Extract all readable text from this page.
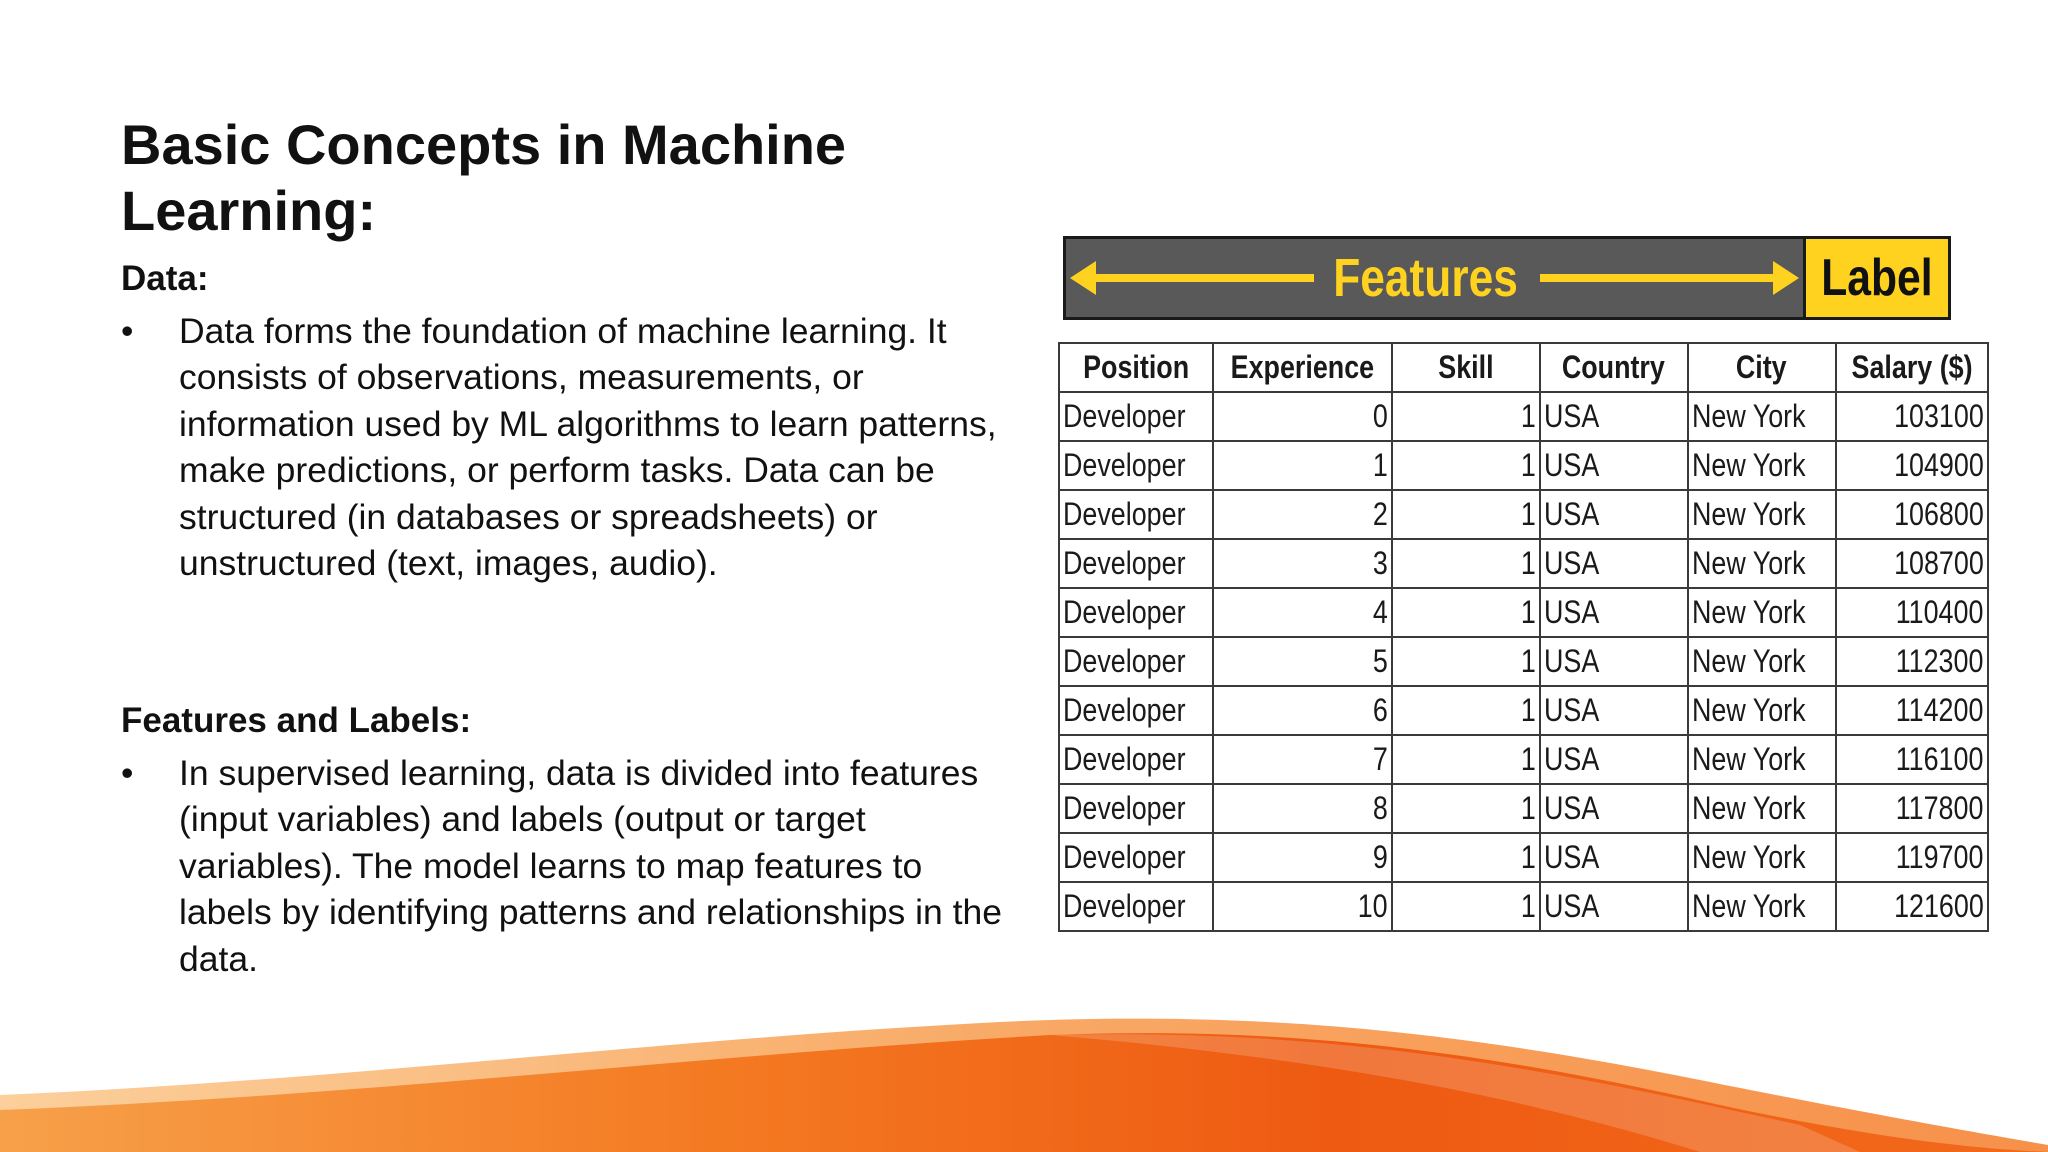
Basic Concepts in Machine Learning:
Data:
• Data forms the foundation of machine learning. It consists of observations, measurements, or information used by ML algorithms to learn patterns, make predictions, or perform tasks. Data can be structured (in databases or spreadsheets) or unstructured (text, images, audio).
Features and Labels:
• In supervised learning, data is divided into features (input variables) and labels (output or target variables). The model learns to map features to labels by identifying patterns and relationships in the data.
Features	Label
Position	Experience	Skill	Country	City	Salary ($)
Developer	0	1	USA	New York	103100
Developer	1	1	USA	New York	104900
Developer	2	1	USA	New York	106800
Developer	3	1	USA	New York	108700
Developer	4	1	USA	New York	110400
Developer	5	1	USA	New York	112300
Developer	6	1	USA	New York	114200
Developer	7	1	USA	New York	116100
Developer	8	1	USA	New York	117800
Developer	9	1	USA	New York	119700
Developer	10	1	USA	New York	121600
